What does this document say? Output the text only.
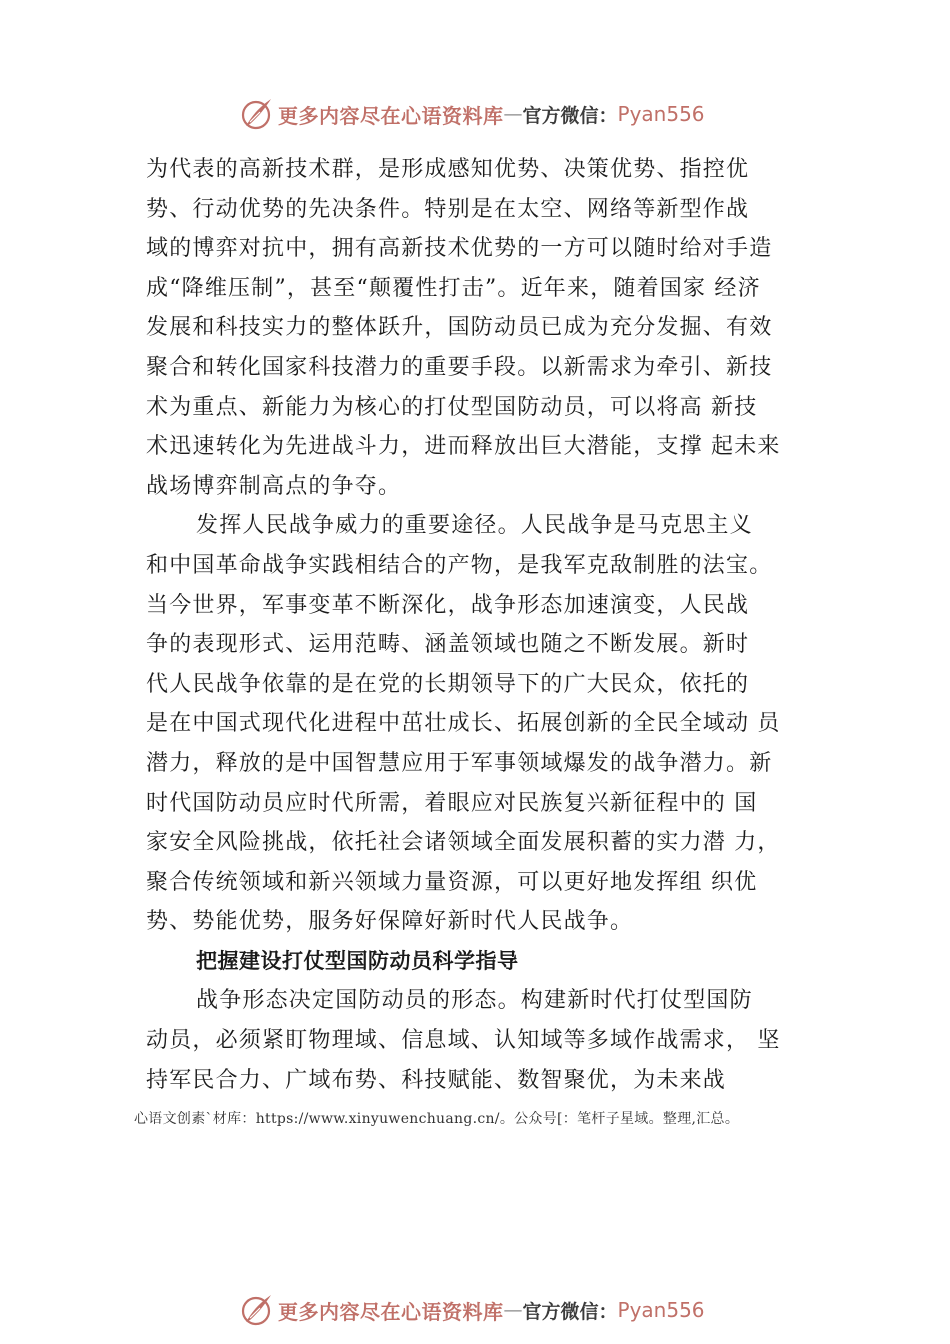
更多内容尽在心语资料库 — 官方微信： Pyan556
为代表的高新技术群，是形成感知优势、决策优势、指控优
势、行动优势的先决条件。特别是在太空、网络等新型作战
域的博弈对抗中，拥有高新技术优势的一方可以随时给对手造
成“降维压制”，甚至“颠覆性打击”。近年来，随着国家 经济
发展和科技实力的整体跃升，国防动员已成为充分发掘、有效
聚合和转化国家科技潜力的重要手段。以新需求为牵引、新技
术为重点、新能力为核心的打仗型国防动员，可以将高 新技
术迅速转化为先进战斗力，进而释放出巨大潜能，支撑 起未来
战场博弈制高点的争夺。
发挥人民战争威力的重要途径。人民战争是马克思主义
和中国革命战争实践相结合的产物，是我军克敌制胜的法宝。
当今世界，军事变革不断深化，战争形态加速演变，人民战
争的表现形式、运用范畴、涵盖领域也随之不断发展。新时
代人民战争依靠的是在党的长期领导下的广大民众，依托的
是在中国式现代化进程中茁壮成长、拓展创新的全民全域动 员
潜力，释放的是中国智慧应用于军事领域爆发的战争潜力。新
时代国防动员应时代所需，着眼应对民族复兴新征程中的 国
家安全风险挑战，依托社会诸领域全面发展积蓄的实力潜 力，
聚合传统领域和新兴领域力量资源，可以更好地发挥组 织优
势、势能优势，服务好保障好新时代人民战争。
把握建设打仗型国防动员科学指导
战争形态决定国防动员的形态。构建新时代打仗型国防
动员，必须紧盯物理域、信息域、认知域等多域作战需求， 坚
持军民合力、广域布势、科技赋能、数智聚优，为未来战
心语文创素`材库：https://www.xinyuwenchuang.cn/。公众号[：笔杆子星域。整理,汇总。
更多内容尽在心语资料库 — 官方微信： Pyan556
